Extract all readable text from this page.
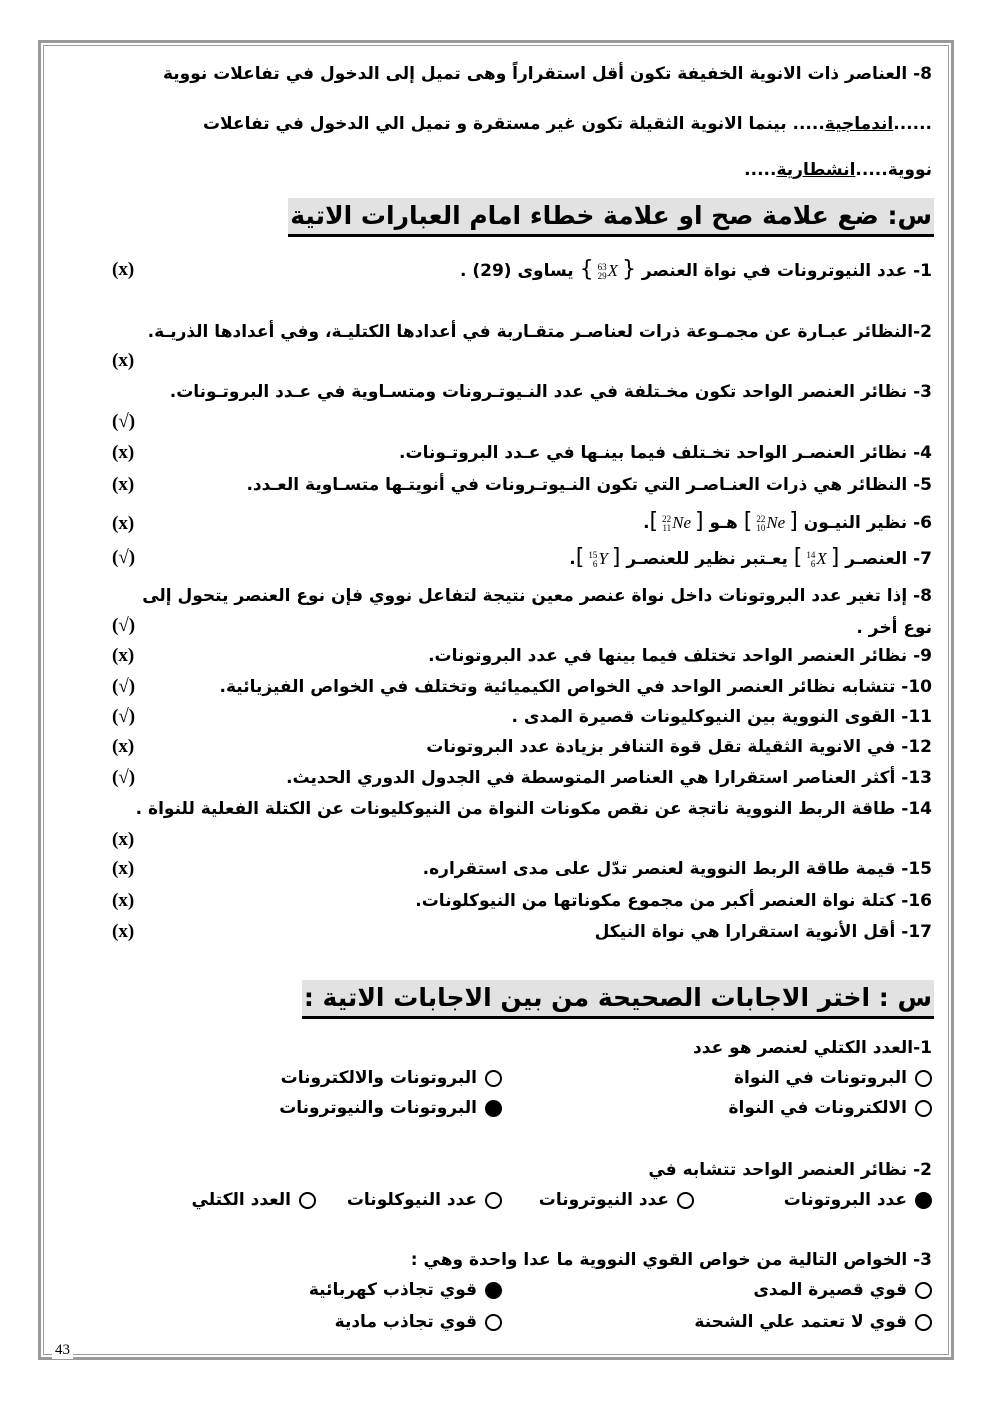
43
8- العناصر ذات الانوية الخفيفة تكون أقل استقراراً وهى تميل إلى الدخول في تفاعلات نووية
......اندماجية..... بينما الانوية الثقيلة تكون غير مستقرة و تميل الي الدخول في تفاعلات
نووية.....انشطارية.....
س: ضع علامة صح او علامة خطاء امام العبارات الاتية
1- عدد النيوترونات في نواة العنصر {63
29X} يساوى (29) .
(x)
2-النظائر عبـارة عن مجمـوعة ذرات لعناصـر متقـاربة في أعدادها الكتليـة، وفي أعدادها الذريـة.
(x)
3- نظائر العنصر الواحد تكون مخـتلفة في عدد النـيوتـرونات ومتسـاوية في عـدد البروتـونات.
(√)
4- نظائر العنصـر الواحد تخـتلف فيما بينـها في عـدد البروتـونات.
(x)
5- النظائر هي ذرات العنـاصـر التي تكون النـيوتـرونات في أنويتـها متسـاوية العـدد.
(x)
6- نظير النيـون [22
10Ne] هـو [22
11Ne].
(x)
7- العنصـر [14
6X] يعـتبر نظير للعنصـر [15
6Y].
(√)
8- إذا تغير عدد البروتونات داخل نواة عنصر معين نتيجة لتفاعل نووي فإن نوع العنصر يتحول إلى
نوع أخر .
(√)
9- نظائر العنصر الواحد تختلف فيما بينها في عدد البروتونات.
(x)
10- تتشابه نظائر العنصر الواحد في الخواص الكيميائية وتختلف في الخواص الفيزيائية.
(√)
11- القوى النووية بين النيوكليونات قصيرة المدى .
(√)
12- في الانوية الثقيلة تقل قوة التنافر بزيادة عدد البروتونات
(x)
13- أكثر العناصر استقرارا هي العناصر المتوسطة في الجدول الدوري الحديث.
(√)
14- طاقة الربط النووية ناتجة عن نقص مكونات النواة من النيوكليونات عن الكتلة الفعلية للنواة .
(x)
15- قيمة طاقة الربط النووية لعنصر تدّل على مدى استقراره.
(x)
16- كتلة نواة العنصر أكبر من مجموع مكوناتها من النيوكلونات.
(x)
17- أقل الأنوية استقرارا هي نواة النيكل
(x)
س : اختر الاجابات الصحيحة من بين الاجابات الاتية :
1-العدد الكتلي لعنصر هو عدد
البروتونات في النواة
البروتونات والالكترونات
الالكترونات في النواة
البروتونات والنيوترونات
2- نظائر العنصر الواحد تتشابه في
عدد البروتونات
عدد النيوترونات
عدد النيوكلونات
العدد الكتلي
3- الخواص التالية من خواص القوي النووية ما عدا واحدة وهي :
قوي قصيرة المدى
قوي تجاذب كهربائية
قوي لا تعتمد علي الشحنة
قوي تجاذب مادية
